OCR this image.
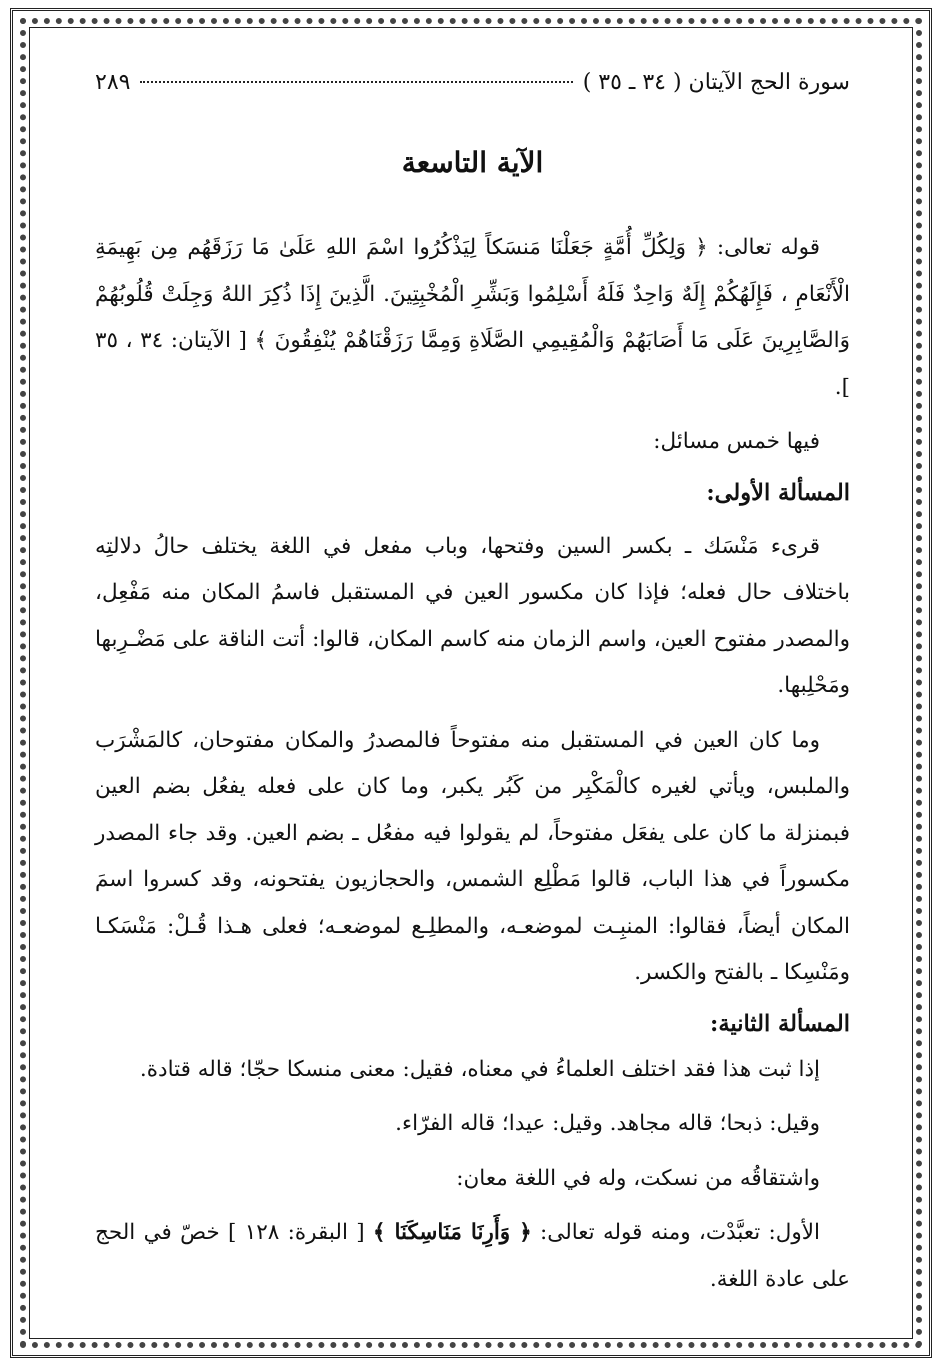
سورة الحج الآيتان ( ٣٤ ـ ٣٥ )
٢٨٩
الآية التاسعة

قوله تعالى: ﴿ وَلِكُلِّ أُمَّةٍ جَعَلْنَا مَنسَكاً لِيَذْكُرُوا اسْمَ اللهِ عَلَىٰ مَا رَزَقَهُم مِن بَهِيمَةِ الْأَنْعَامِ ، فَإِلَهُكُمْ إِلَهٌ وَاحِدٌ فَلَهُ أَسْلِمُوا وَبَشِّرِ الْمُخْبِتِينَ. الَّذِينَ إِذَا ذُكِرَ اللهُ وَجِلَتْ قُلُوبُهُمْ وَالصَّابِرِينَ عَلَى مَا أَصَابَهُمْ وَالْمُقِيمِي الصَّلَاةِ وَمِمَّا رَزَقْنَاهُمْ يُنْفِقُونَ ﴾ [ الآيتان: ٣٤ ، ٣٥ ].

فيها خمس مسائل:

المسألة الأولى:

قرىء مَنْسَك ـ بكسر السين وفتحها، وباب مفعل في اللغة يختلف حالُ دلالتِه باختلاف حال فعله؛ فإذا كان مكسور العين في المستقبل فاسمُ المكان منه مَفْعِل، والمصدر مفتوح العين، واسم الزمان منه كاسم المكان، قالوا: أتت الناقة على مَضْـرِبها ومَحْلِبها.

وما كان العين في المستقبل منه مفتوحاً فالمصدرُ والمكان مفتوحان، كالمَشْرَب والملبس، ويأتي لغيره كالْمَكْبِر من كَبُر يكبر، وما كان على فعله يفعُل بضم العين فبمنزلة ما كان على يفعَل مفتوحاً، لم يقولوا فيه مفعُل ـ بضم العين. وقد جاء المصدر مكسوراً في هذا الباب، قالوا مَطْلِع الشمس، والحجازيون يفتحونه، وقد كسروا اسمَ المكان أيضاً، فقالوا: المنبِـت لموضعـه، والمطلِـع لموضعـه؛ فعلى هـذا قُـلْ: مَنْسَكـا ومَنْسِكا ـ بالفتح والكسر.

المسألة الثانية:

إذا ثبت هذا فقد اختلف العلماءُ في معناه، فقيل: معنى منسكا حجّا؛ قاله قتادة.

وقيل: ذبحا؛ قاله مجاهد. وقيل: عيدا؛ قاله الفرّاء.

واشتقاقُه من نسكت، وله في اللغة معان:

الأول: تعبَّدْت، ومنه قوله تعالى: ﴿ وَأَرِنَا مَنَاسِكَنَا ﴾ [ البقرة: ١٢٨ ] خصّ في الحج على عادة اللغة.
